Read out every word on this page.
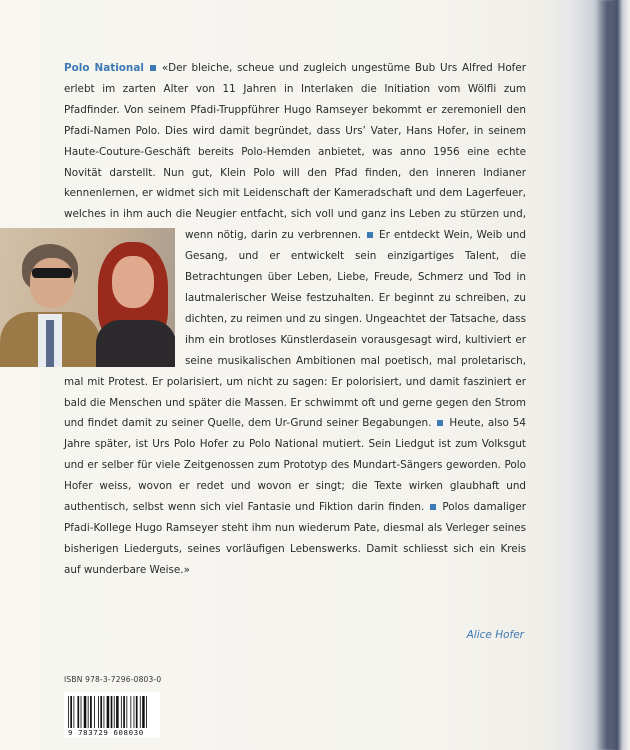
Polo National «Der bleiche, scheue und zugleich ungestüme Bub Urs Alfred Hofer erlebt im zarten Alter von 11 Jahren in Interlaken die Initiation vom Wölfli zum Pfadfinder. Von seinem Pfadi-Truppführer Hugo Ramseyer bekommt er zeremoniell den Pfadi-Namen Polo. Dies wird damit begründet, dass Urs’ Vater, Hans Hofer, in seinem Haute-Couture-Geschäft bereits Polo-Hemden anbietet, was anno 1956 eine echte Novität darstellt. Nun gut, Klein Polo will den Pfad finden, den inneren Indianer kennenlernen, er widmet sich mit Leidenschaft der Kameradschaft und dem Lagerfeuer, welches in ihm auch die Neugier entfacht, sich voll und ganz ins Leben zu stürzen und, wenn nötig, darin zu verbrennen. Er entdeckt Wein, Weib und Gesang, und er entwickelt sein einzigartiges Talent, die Betrachtungen über Leben, Liebe, Freude, Schmerz und Tod in lautmalerischer Weise festzuhalten. Er beginnt zu schreiben, zu dichten, zu reimen und zu singen. Ungeachtet der Tatsache, dass ihm ein brotloses Künstlerdasein vorausgesagt wird, kultiviert er seine musikalischen Ambitionen mal poetisch, mal proletarisch, mal mit Protest. Er polarisiert, um nicht zu sagen: Er polorisiert, und damit fasziniert er bald die Menschen und später die Massen. Er schwimmt oft und gerne gegen den Strom und findet damit zu seiner Quelle, dem Ur-Grund seiner Begabungen. Heute, also 54 Jahre später, ist Urs Polo Hofer zu Polo National mutiert. Sein Liedgut ist zum Volksgut und er selber für viele Zeitgenossen zum Prototyp des Mundart-Sängers geworden. Polo Hofer weiss, wovon er redet und wovon er singt; die Texte wirken glaubhaft und authentisch, selbst wenn sich viel Fantasie und Fiktion darin finden. Polos damaliger Pfadi-Kollege Hugo Ramseyer steht ihm nun wiederum Pate, diesmal als Verleger seines bisherigen Liederguts, seines vorläufigen Lebenswerks. Damit schliesst sich ein Kreis auf wunderbare Weise.»

Alice Hofer
ISBN 978-3-7296-0803-0
9 783729 608030
